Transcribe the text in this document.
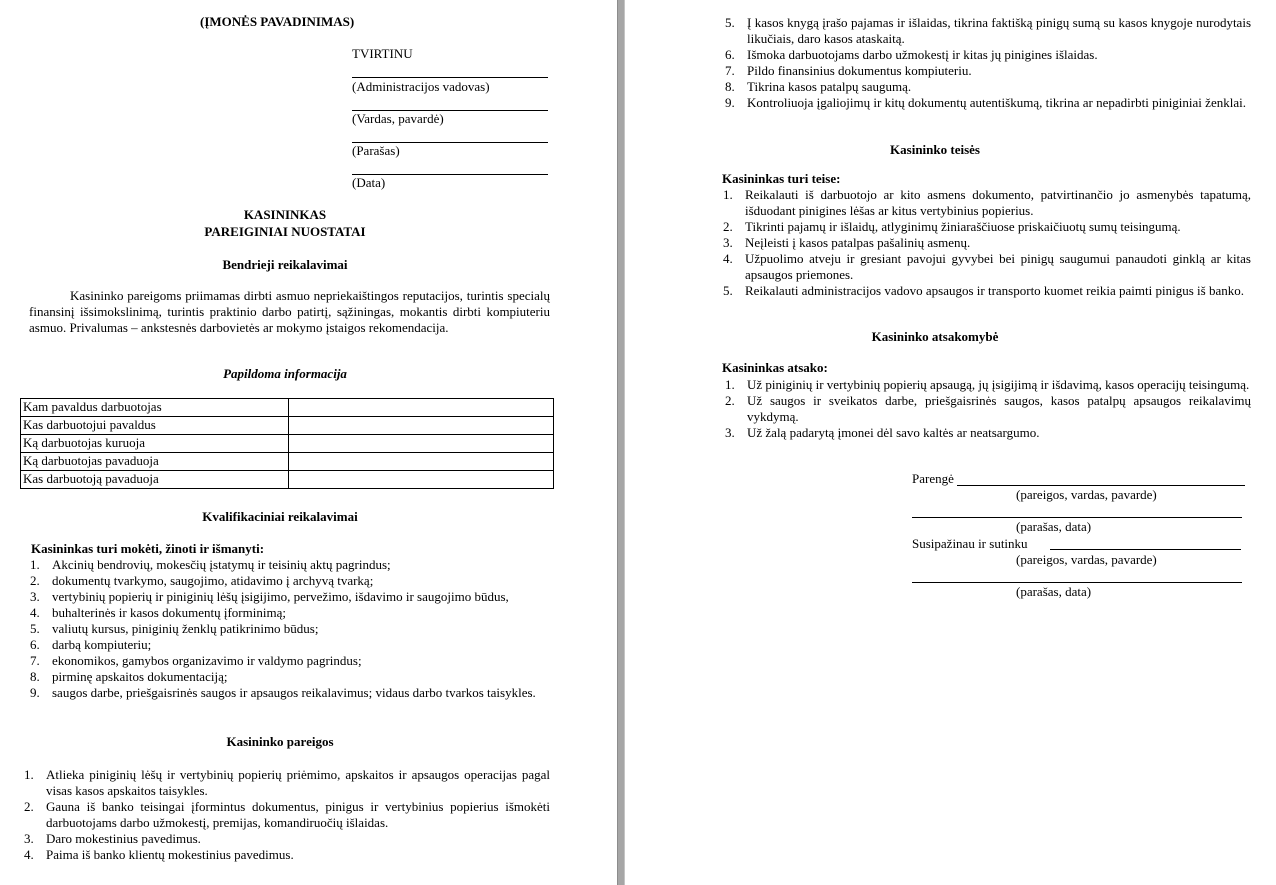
(ĮMONĖS PAVADINIMAS)
TVIRTINU
(Administracijos vadovas)
(Vardas, pavardė)
(Parašas)
(Data)
KASININKAS
PAREIGINIAI NUOSTATAI
Bendrieji reikalavimai
Kasininko pareigoms priimamas dirbti asmuo nepriekaištingos reputacijos, turintis specialų finansinį išsimokslinimą, turintis praktinio darbo patirtį, sąžiningas, mokantis dirbti kompiuteriu asmuo. Privalumas – ankstesnės darbovietės ar mokymo įstaigos rekomendacija.
Papildoma informacija
Kam pavaldus darbuotojas	
Kas darbuotojui pavaldus	
Ką darbuotojas kuruoja	
Ką darbuotojas pavaduoja	
Kas darbuotoją pavaduoja	
Kvalifikaciniai reikalavimai
Kasininkas turi mokėti, žinoti ir išmanyti:
1. Akcinių bendrovių, mokesčių įstatymų ir teisinių aktų pagrindus;
2. dokumentų tvarkymo, saugojimo, atidavimo į archyvą tvarką;
3. vertybinių popierių ir piniginių lėšų įsigijimo, pervežimo, išdavimo ir saugojimo būdus,
4. buhalterinės ir kasos dokumentų įforminimą;
5. valiutų kursus, piniginių ženklų patikrinimo būdus;
6. darbą kompiuteriu;
7. ekonomikos, gamybos organizavimo ir valdymo pagrindus;
8. pirminę apskaitos dokumentaciją;
9. saugos darbe, priešgaisrinės saugos ir apsaugos reikalavimus; vidaus darbo tvarkos taisykles.
Kasininko pareigos
1. Atlieka piniginių lėšų ir vertybinių popierių priėmimo, apskaitos ir apsaugos operacijas pagal visas kasos apskaitos taisykles.
2. Gauna iš banko teisingai įformintus dokumentus, pinigus ir vertybinius popierius išmokėti darbuotojams darbo užmokestį, premijas, komandiruočių išlaidas.
3. Daro mokestinius pavedimus.
4. Paima iš banko klientų mokestinius pavedimus.
5. Į kasos knygą įrašo pajamas ir išlaidas, tikrina faktišką pinigų sumą su kasos knygoje nurodytais likučiais, daro kasos ataskaitą.
6. Išmoka darbuotojams darbo užmokestį ir kitas jų pinigines išlaidas.
7. Pildo finansinius dokumentus kompiuteriu.
8. Tikrina kasos patalpų saugumą.
9. Kontroliuoja įgaliojimų ir kitų dokumentų autentiškumą, tikrina ar nepadirbti piniginiai ženklai.
Kasininko teisės
Kasininkas turi teise:
1. Reikalauti iš darbuotojo ar kito asmens dokumento, patvirtinančio jo asmenybės tapatumą, išduodant pinigines lėšas ar kitus vertybinius popierius.
2. Tikrinti pajamų ir išlaidų, atlyginimų žiniaraščiuose priskaičiuotų sumų teisingumą.
3. Neįleisti į kasos patalpas pašalinių asmenų.
4. Užpuolimo atveju ir gresiant pavojui gyvybei bei pinigų saugumui panaudoti ginklą ar kitas apsaugos priemones.
5. Reikalauti administracijos vadovo apsaugos ir transporto kuomet reikia paimti pinigus iš banko.
Kasininko atsakomybė
Kasininkas atsako:
1. Už piniginių ir vertybinių popierių apsaugą, jų įsigijimą ir išdavimą, kasos operacijų teisingumą.
2. Už saugos ir sveikatos darbe, priešgaisrinės saugos, kasos patalpų apsaugos reikalavimų vykdymą.
3. Už žalą padarytą įmonei dėl savo kaltės ar neatsargumo.
Parengė
(pareigos, vardas, pavarde)
(parašas, data)
Susipažinau ir sutinku
(pareigos, vardas, pavarde)
(parašas, data)
